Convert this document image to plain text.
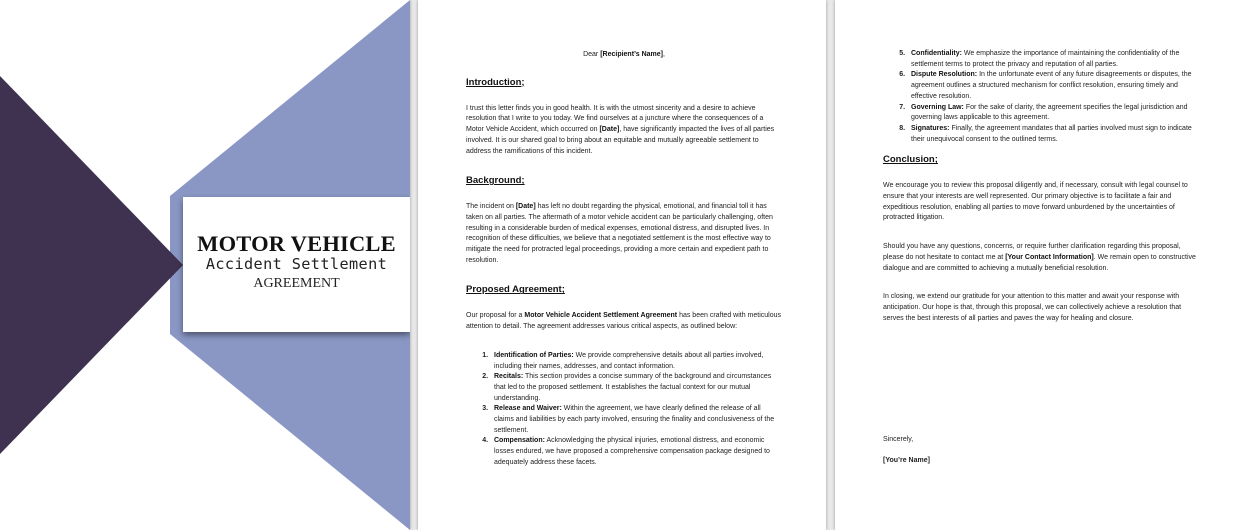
MOTOR VEHICLE
Accident Settlement
AGREEMENT
Dear [Recipient’s Name],
Introduction;

I trust this letter finds you in good health. It is with the utmost sincerity and a desire to achieve resolution that I write to you today. We find ourselves at a juncture where the consequences of a Motor Vehicle Accident, which occurred on [Date], have significantly impacted the lives of all parties involved. It is our shared goal to bring about an equitable and mutually agreeable settlement to address the ramifications of this incident.

Background;

The incident on [Date] has left no doubt regarding the physical, emotional, and financial toll it has taken on all parties. The aftermath of a motor vehicle accident can be particularly challenging, often resulting in a considerable burden of medical expenses, emotional distress, and disrupted lives. In recognition of these difficulties, we believe that a negotiated settlement is the most effective way to mitigate the need for protracted legal proceedings, providing a more certain and expedient path to resolution.

Proposed Agreement;

Our proposal for a Motor Vehicle Accident Settlement Agreement has been crafted with meticulous attention to detail. The agreement addresses various critical aspects, as outlined below:

1. Identification of Parties: We provide comprehensive details about all parties involved, including their names, addresses, and contact information.
2. Recitals: This section provides a concise summary of the background and circumstances that led to the proposed settlement. It establishes the factual context for our mutual understanding.
3. Release and Waiver: Within the agreement, we have clearly defined the release of all claims and liabilities by each party involved, ensuring the finality and conclusiveness of the settlement.
4. Compensation: Acknowledging the physical injuries, emotional distress, and economic losses endured, we have proposed a comprehensive compensation package designed to adequately address these facets.
5. Confidentiality: We emphasize the importance of maintaining the confidentiality of the settlement terms to protect the privacy and reputation of all parties.
6. Dispute Resolution: In the unfortunate event of any future disagreements or disputes, the agreement outlines a structured mechanism for conflict resolution, ensuring timely and effective resolution.
7. Governing Law: For the sake of clarity, the agreement specifies the legal jurisdiction and governing laws applicable to this agreement.
8. Signatures: Finally, the agreement mandates that all parties involved must sign to indicate their unequivocal consent to the outlined terms.
Conclusion;

We encourage you to review this proposal diligently and, if necessary, consult with legal counsel to ensure that your interests are well represented. Our primary objective is to facilitate a fair and expeditious resolution, enabling all parties to move forward unburdened by the uncertainties of protracted litigation.

Should you have any questions, concerns, or require further clarification regarding this proposal, please do not hesitate to contact me at [Your Contact Information]. We remain open to constructive dialogue and are committed to achieving a mutually beneficial resolution.

In closing, we extend our gratitude for your attention to this matter and await your response with anticipation. Our hope is that, through this proposal, we can collectively achieve a resolution that serves the best interests of all parties and paves the way for healing and closure.

Sincerely,
[You’re Name]
